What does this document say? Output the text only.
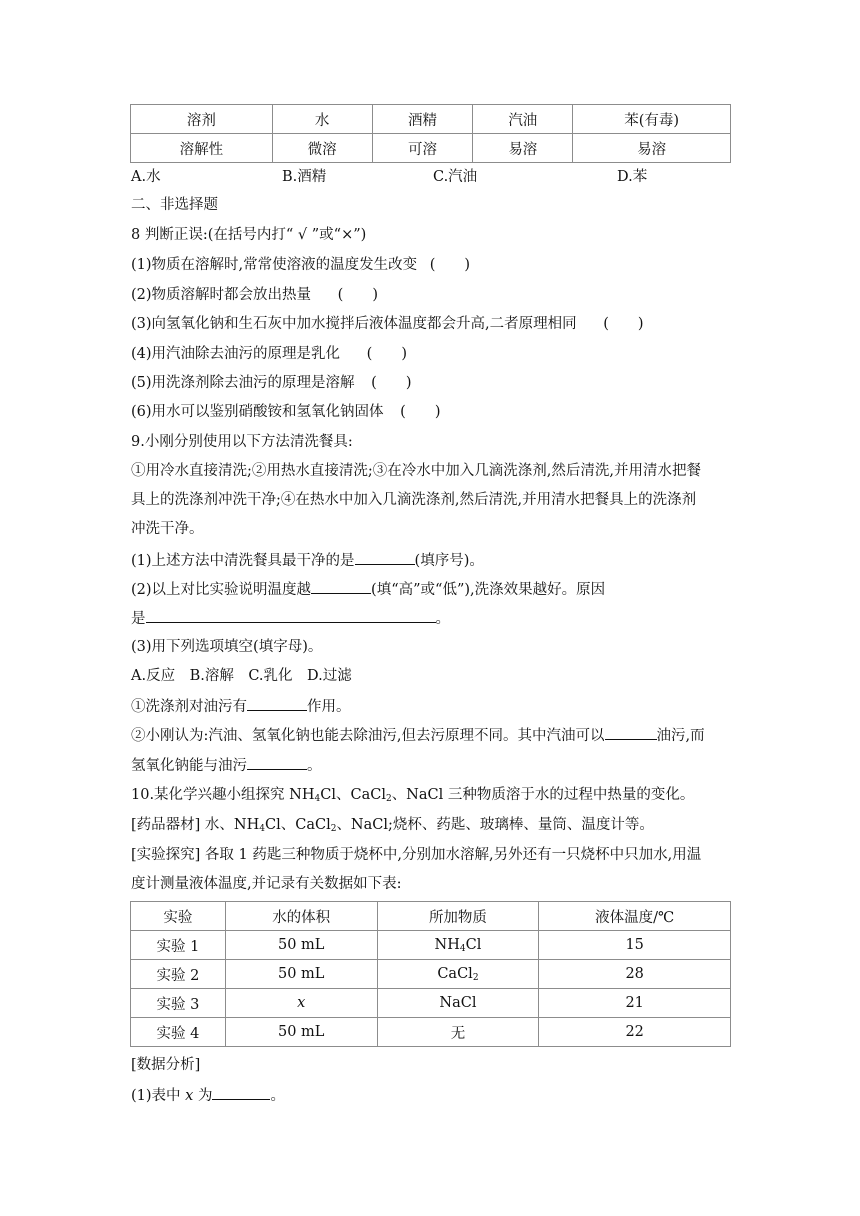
溶剂	水	酒精	汽油	苯(有毒)
溶解性	微溶	可溶	易溶	易溶
A.水	B.酒精	C.汽油	D.苯
二、非选择题
8 判断正误:(在括号内打“ √ ”或“×”)
(1)物质在溶解时,常常使溶液的温度发生改变 (　　)
(2)物质溶解时都会放出热量 (　　)
(3)向氢氧化钠和生石灰中加水搅拌后液体温度都会升高,二者原理相同 (　　)
(4)用汽油除去油污的原理是乳化 (　　)
(5)用洗涤剂除去油污的原理是溶解 (　　)
(6)用水可以鉴别硝酸铵和氢氧化钠固体 (　　)
9.小刚分别使用以下方法清洗餐具:
①用冷水直接清洗;②用热水直接清洗;③在冷水中加入几滴洗涤剂,然后清洗,并用清水把餐
具上的洗涤剂冲洗干净;④在热水中加入几滴洗涤剂,然后清洗,并用清水把餐具上的洗涤剂
冲洗干净。
(1)上述方法中清洗餐具最干净的是	(填序号)。
(2)以上对比实验说明温度越	(填“高”或“低”),洗涤效果越好。原因
是	。
(3)用下列选项填空(填字母)。
A.反应　B.溶解　C.乳化　D.过滤
①洗涤剂对油污有	作用。
②小刚认为:汽油、氢氧化钠也能去除油污,但去污原理不同。其中汽油可以	油污,而
氢氧化钠能与油污	。
10.某化学兴趣小组探究 $NH_4Cl$、CaCl$_2$、NaCl 三种物质溶于水的过程中热量的变化。
[药品器材] 水、$NH_4Cl$、CaCl$_2$、NaCl;烧杯、药匙、玻璃棒、量筒、温度计等。
[实验探究] 各取 1 药匙三种物质于烧杯中,分别加水溶解,另外还有一只烧杯中只加水,用温
度计测量液体温度,并记录有关数据如下表:
实验	水的体积	所加物质	液体温度/℃
实验 1	50 mL	$NH_4Cl$	15
实验 2	50 mL	CaCl$_2$	28
实验 3	x	NaCl	21
实验 4	50 mL	无	22
[数据分析]
(1)表中 x 为	。
